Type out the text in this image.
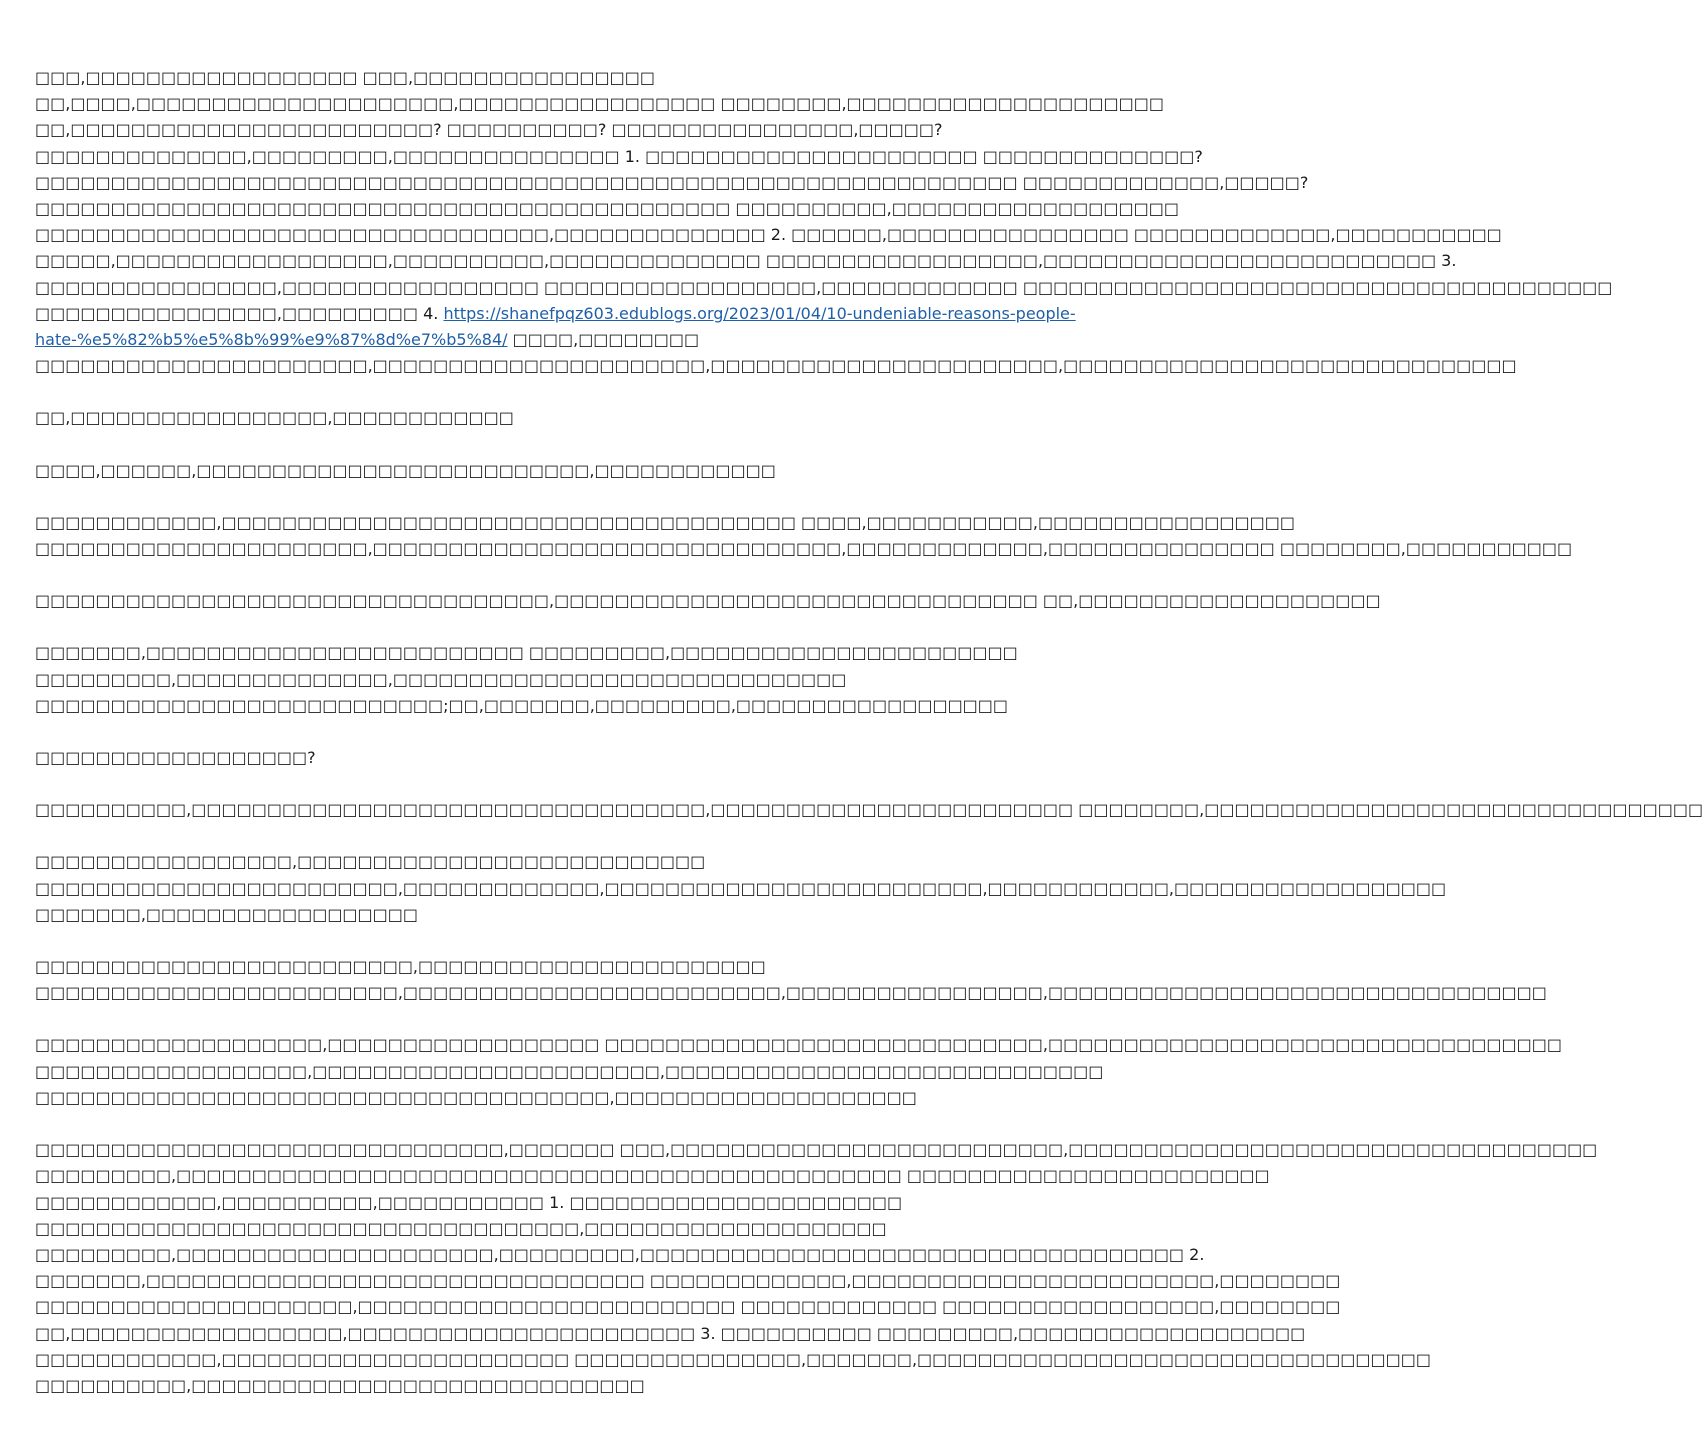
□□□,□□□□□□□□□□□□□□□□□□ □□□,□□□□□□□□□□□□□□□□
□□,□□□□,□□□□□□□□□□□□□□□□□□□□□,□□□□□□□□□□□□□□□□□ □□□□□□□□,□□□□□□□□□□□□□□□□□□□□□
□□,□□□□□□□□□□□□□□□□□□□□□□□□? □□□□□□□□□□? □□□□□□□□□□□□□□□□,□□□□□?
□□□□□□□□□□□□□□,□□□□□□□□□,□□□□□□□□□□□□□□□ 1. □□□□□□□□□□□□□□□□□□□□□□ □□□□□□□□□□□□□□?
□□□□□□□□□□□□□□□□□□□□□□□□□□□□□□□□□□□□□□□□□□□□□□□□□□□□□□□□□□□□□□□□□ □□□□□□□□□□□□□,□□□□□?
□□□□□□□□□□□□□□□□□□□□□□□□□□□□□□□□□□□□□□□□□□□□□□ □□□□□□□□□□,□□□□□□□□□□□□□□□□□□□
□□□□□□□□□□□□□□□□□□□□□□□□□□□□□□□□□□,□□□□□□□□□□□□□□ 2. □□□□□□,□□□□□□□□□□□□□□□□ □□□□□□□□□□□□□,□□□□□□□□□□□
□□□□□,□□□□□□□□□□□□□□□□□□,□□□□□□□□□□,□□□□□□□□□□□□□□ □□□□□□□□□□□□□□□□□□,□□□□□□□□□□□□□□□□□□□□□□□□□□ 3.
□□□□□□□□□□□□□□□□,□□□□□□□□□□□□□□□□□ □□□□□□□□□□□□□□□□□□,□□□□□□□□□□□□□ □□□□□□□□□□□□□□□□□□□□□□□□□□□□□□□□□□□□□□□
□□□□□□□□□□□□□□□□,□□□□□□□□□ 4. https://shanefpqz603.edublogs.org/2023/01/04/10-undeniable-reasons-people-
hate-%e5%82%b5%e5%8b%99%e9%87%8d%e7%b5%84/ □□□□,□□□□□□□□
□□□□□□□□□□□□□□□□□□□□□□,□□□□□□□□□□□□□□□□□□□□□□,□□□□□□□□□□□□□□□□□□□□□□□,□□□□□□□□□□□□□□□□□□□□□□□□□□□□□□
□□,□□□□□□□□□□□□□□□□□,□□□□□□□□□□□□
□□□□,□□□□□□,□□□□□□□□□□□□□□□□□□□□□□□□□□,□□□□□□□□□□□□
□□□□□□□□□□□□,□□□□□□□□□□□□□□□□□□□□□□□□□□□□□□□□□□□□□□ □□□□,□□□□□□□□□□□,□□□□□□□□□□□□□□□□□
□□□□□□□□□□□□□□□□□□□□□□,□□□□□□□□□□□□□□□□□□□□□□□□□□□□□□□,□□□□□□□□□□□□□,□□□□□□□□□□□□□□□ □□□□□□□□,□□□□□□□□□□□
□□□□□□□□□□□□□□□□□□□□□□□□□□□□□□□□□□,□□□□□□□□□□□□□□□□□□□□□□□□□□□□□□□□ □□,□□□□□□□□□□□□□□□□□□□□
□□□□□□□,□□□□□□□□□□□□□□□□□□□□□□□□□ □□□□□□□□□,□□□□□□□□□□□□□□□□□□□□□□□
□□□□□□□□□,□□□□□□□□□□□□□□,□□□□□□□□□□□□□□□□□□□□□□□□□□□□□□
□□□□□□□□□□□□□□□□□□□□□□□□□□□;□□,□□□□□□□,□□□□□□□□□,□□□□□□□□□□□□□□□□□□
□□□□□□□□□□□□□□□□□□?
□□□□□□□□□□,□□□□□□□□□□□□□□□□□□□□□□□□□□□□□□□□□□,□□□□□□□□□□□□□□□□□□□□□□□□ □□□□□□□□,□□□□□□□□□□□□□□□□□□□□□□□□□□□□□□□□□
□□□□□□□□□□□□□□□□□,□□□□□□□□□□□□□□□□□□□□□□□□□□□
□□□□□□□□□□□□□□□□□□□□□□□□,□□□□□□□□□□□□□,□□□□□□□□□□□□□□□□□□□□□□□□□,□□□□□□□□□□□□,□□□□□□□□□□□□□□□□□□
□□□□□□□,□□□□□□□□□□□□□□□□□□
□□□□□□□□□□□□□□□□□□□□□□□□□,□□□□□□□□□□□□□□□□□□□□□□□
□□□□□□□□□□□□□□□□□□□□□□□□,□□□□□□□□□□□□□□□□□□□□□□□□□,□□□□□□□□□□□□□□□□□,□□□□□□□□□□□□□□□□□□□□□□□□□□□□□□□□□
□□□□□□□□□□□□□□□□□□□,□□□□□□□□□□□□□□□□□□ □□□□□□□□□□□□□□□□□□□□□□□□□□□□□,□□□□□□□□□□□□□□□□□□□□□□□□□□□□□□□□□□
□□□□□□□□□□□□□□□□□□,□□□□□□□□□□□□□□□□□□□□□□□,□□□□□□□□□□□□□□□□□□□□□□□□□□□□□
□□□□□□□□□□□□□□□□□□□□□□□□□□□□□□□□□□□□□□,□□□□□□□□□□□□□□□□□□□□
□□□□□□□□□□□□□□□□□□□□□□□□□□□□□□□,□□□□□□□ □□□,□□□□□□□□□□□□□□□□□□□□□□□□□□,□□□□□□□□□□□□□□□□□□□□□□□□□□□□□□□□□□□
□□□□□□□□□,□□□□□□□□□□□□□□□□□□□□□□□□□□□□□□□□□□□□□□□□□□□□□□□□ □□□□□□□□□□□□□□□□□□□□□□□□
□□□□□□□□□□□□,□□□□□□□□□□,□□□□□□□□□□□ 1. □□□□□□□□□□□□□□□□□□□□□□
□□□□□□□□□□□□□□□□□□□□□□□□□□□□□□□□□□□□,□□□□□□□□□□□□□□□□□□□□
□□□□□□□□□,□□□□□□□□□□□□□□□□□□□□□,□□□□□□□□□,□□□□□□□□□□□□□□□□□□□□□□□□□□□□□□□□□□□□ 2.
□□□□□□□,□□□□□□□□□□□□□□□□□□□□□□□□□□□□□□□□□ □□□□□□□□□□□□□,□□□□□□□□□□□□□□□□□□□□□□□□,□□□□□□□□
□□□□□□□□□□□□□□□□□□□□□,□□□□□□□□□□□□□□□□□□□□□□□□□ □□□□□□□□□□□□□ □□□□□□□□□□□□□□□□□□,□□□□□□□□
□□,□□□□□□□□□□□□□□□□□□,□□□□□□□□□□□□□□□□□□□□□□□ 3. □□□□□□□□□□ □□□□□□□□□,□□□□□□□□□□□□□□□□□□□
□□□□□□□□□□□□,□□□□□□□□□□□□□□□□□□□□□□□ □□□□□□□□□□□□□□□,□□□□□□□,□□□□□□□□□□□□□□□□□□□□□□□□□□□□□□□□□□
□□□□□□□□□□,□□□□□□□□□□□□□□□□□□□□□□□□□□□□□□
